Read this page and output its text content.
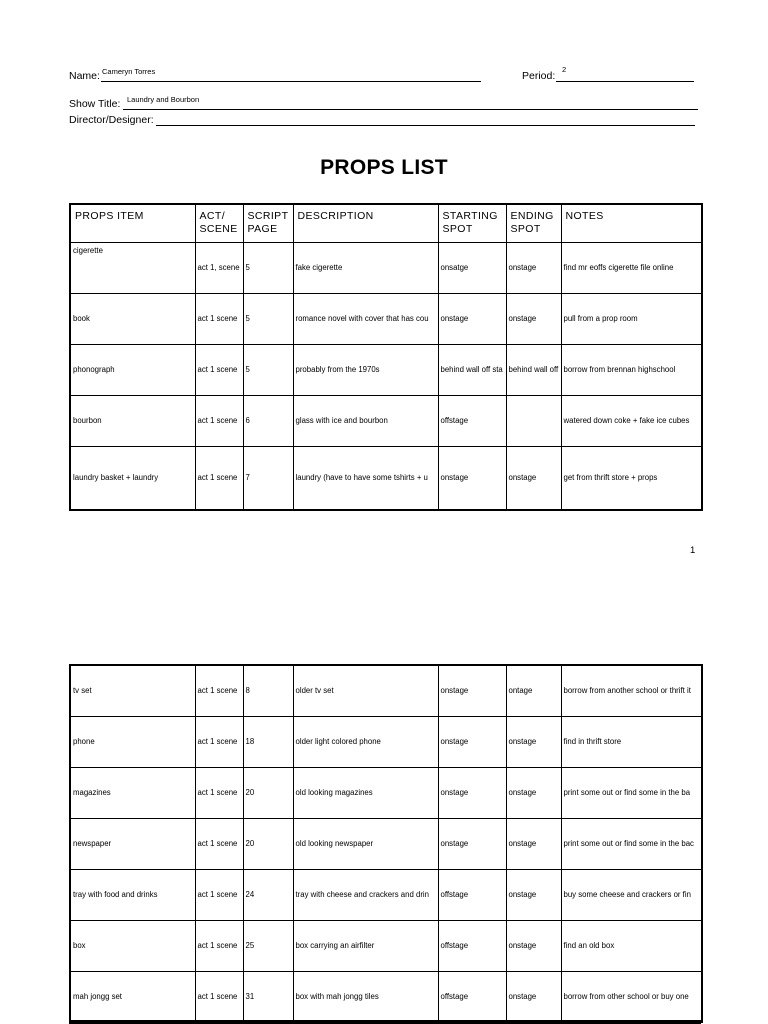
Name: Cameryn Torres	Period:
2
Show Title: Laundry and Bourbon
Director/Designer:
PROPS LIST
PROPS ITEM	ACT/ SCENE	SCRIPT PAGE	DESCRIPTION	STARTING SPOT	ENDING SPOT	NOTES
cigerette	act 1, scene	5	fake cigerette	onsatge	onstage	find mr eoffs cigerette file online
book	act 1 scene	5	romance novel with cover that has cou	onstage	onstage	pull from a prop room
phonograph	act 1 scene	5	probably from the 1970s	behind wall off sta	behind wall off	borrow from brennan highschool
bourbon	act 1 scene	6	glass with ice and bourbon	offstage		watered down coke + fake ice cubes
laundry basket + laundry	act 1 scene	7	laundry (have to have some tshirts + u	onstage	onstage	get from thrift store + props
1
tv set	act 1 scene	8	older tv set	onstage	ontage	borrow from another school or thrift it
phone	act 1 scene	18	older light colored phone	onstage	onstage	find in thrift store
magazines	act 1 scene	20	old looking magazines	onstage	onstage	print some out or find some in the ba
newspaper	act 1 scene	20	old looking newspaper	onstage	onstage	print some out or find some in the bac
tray with food and drinks	act 1 scene	24	tray with cheese and crackers and drin	offstage	onstage	buy some cheese and crackers or fin
box	act 1 scene	25	box carrying an airfilter	offstage	onstage	find an old box
mah jongg set	act 1 scene	31	box with mah jongg tiles	offstage	onstage	borrow from other school or buy one
